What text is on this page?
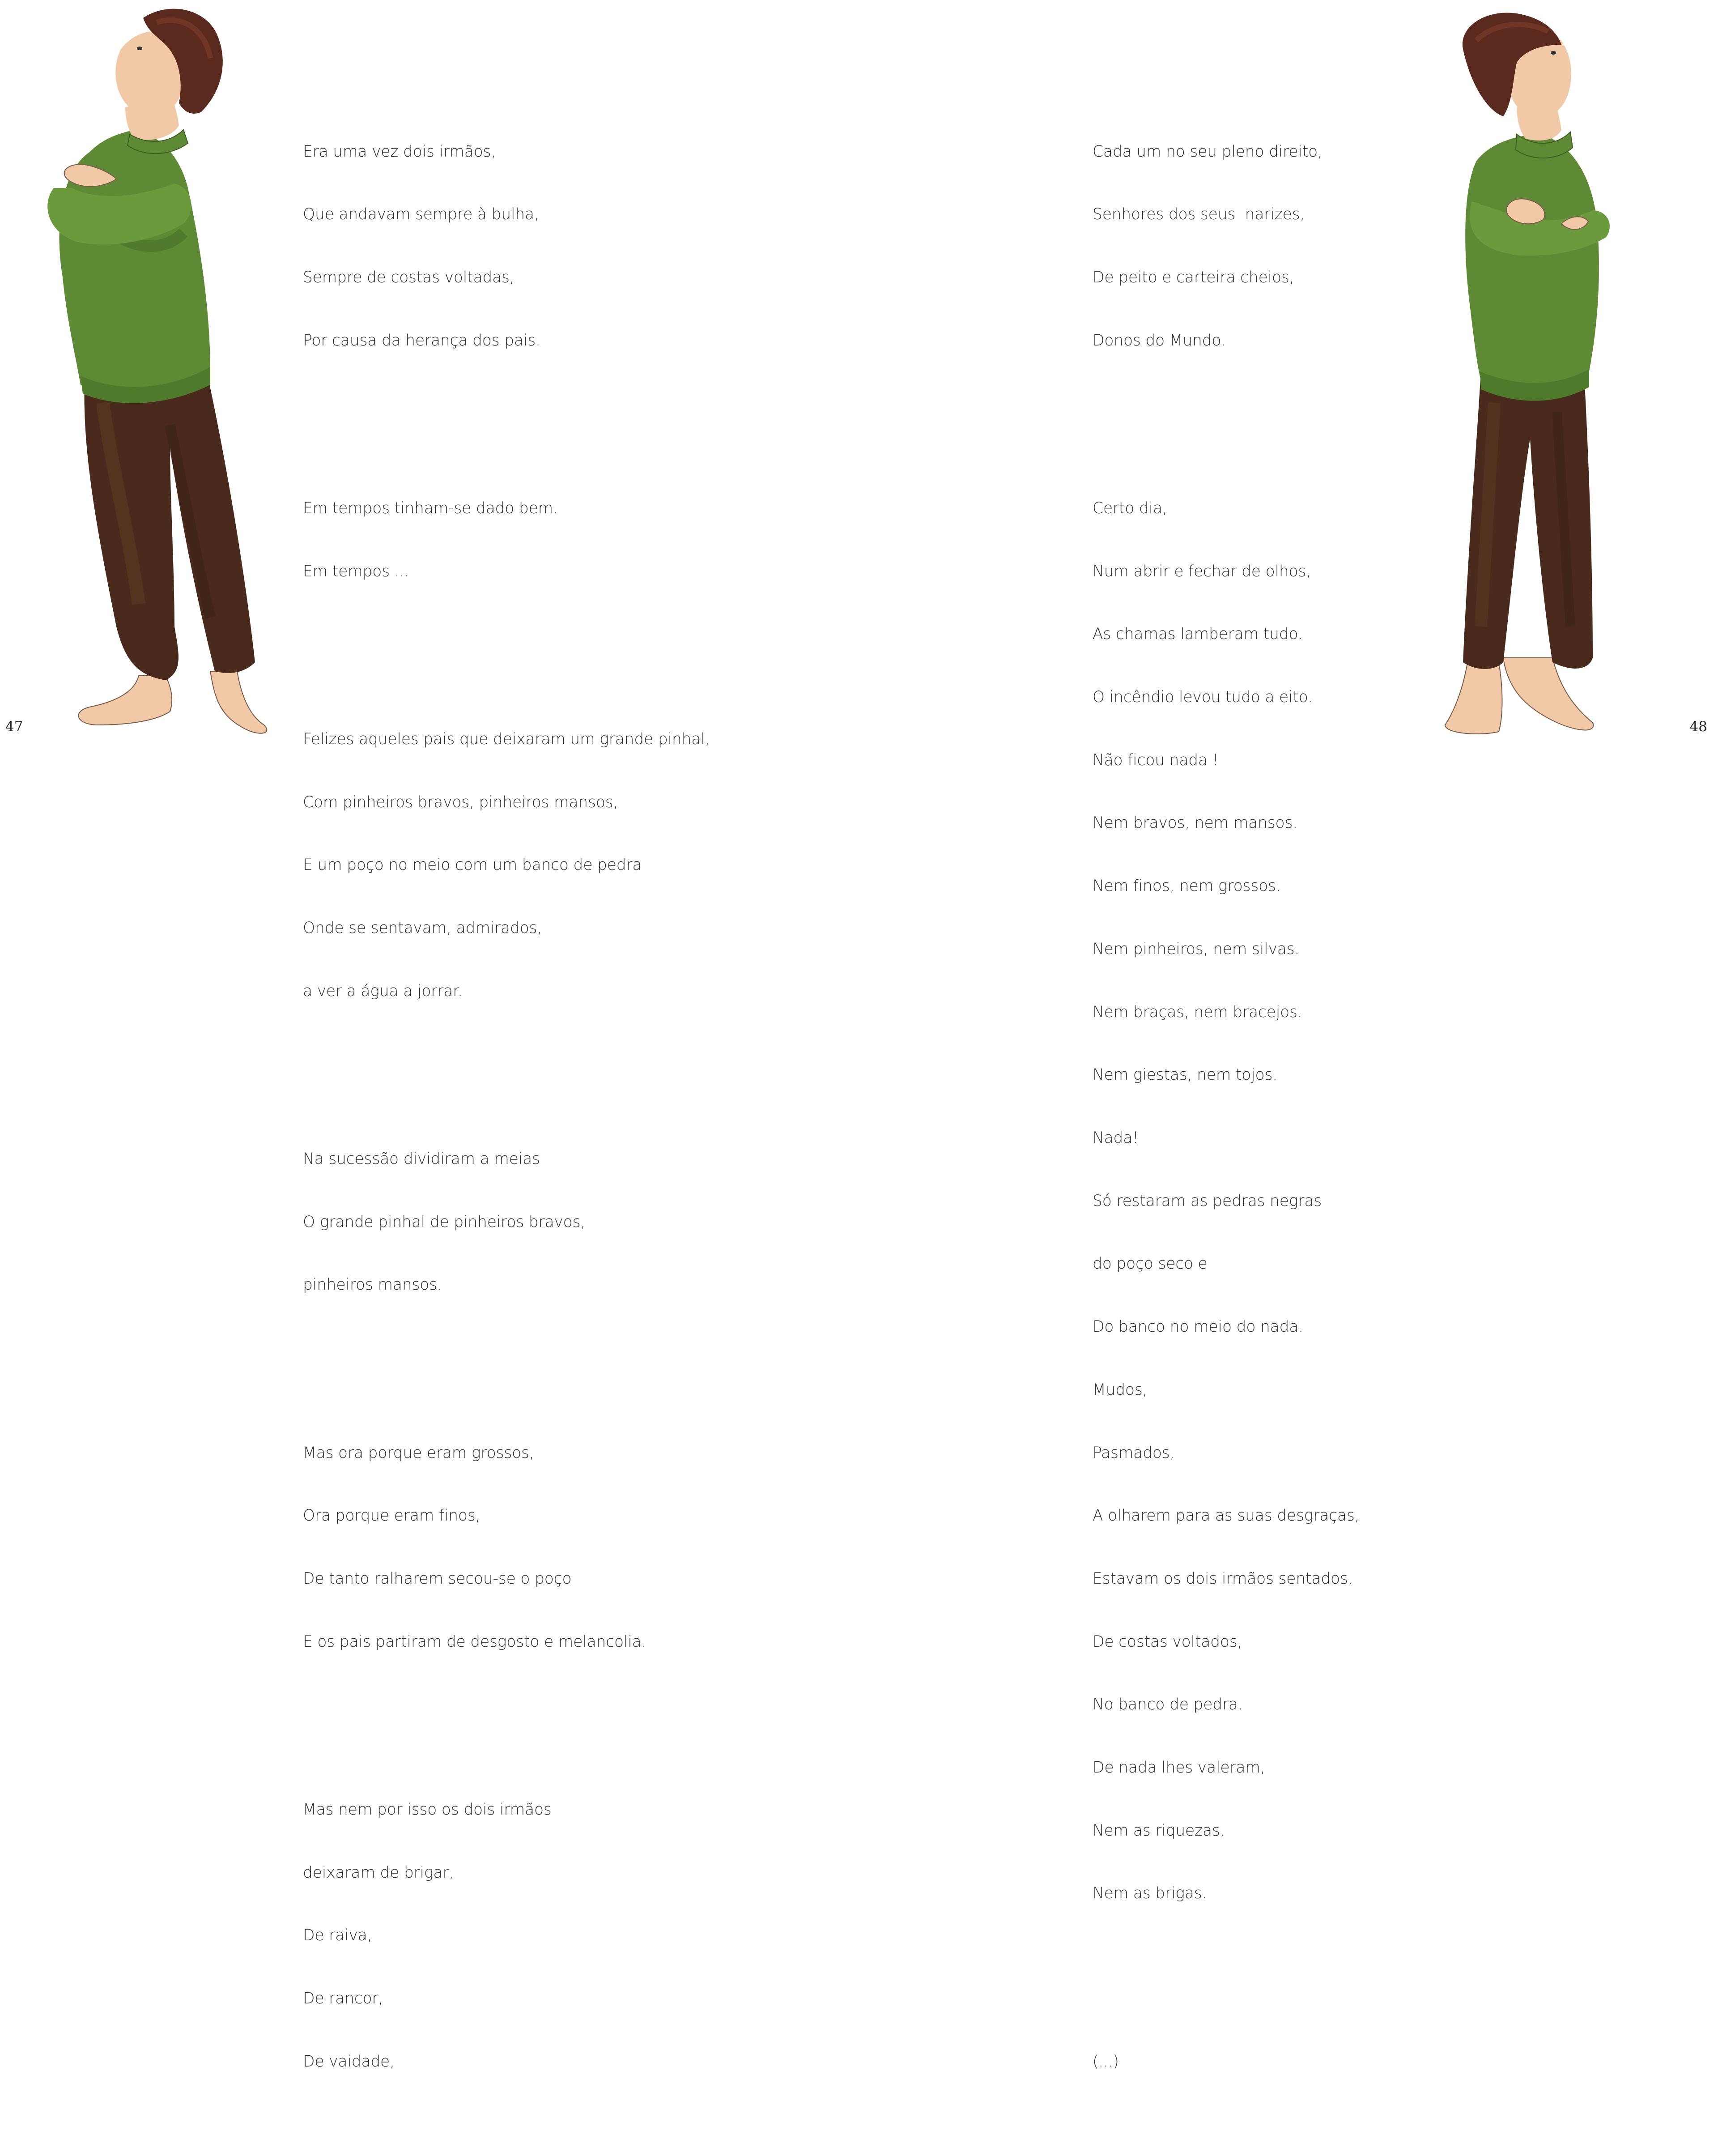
Era uma vez dois irmãos,

Que andavam sempre à bulha,

Sempre de costas voltadas,

Por causa da herança dos pais.

Em tempos tinham-se dado bem.

Em tempos ...

Felizes aqueles pais que deixaram um grande pinhal,

Com pinheiros bravos, pinheiros mansos,

E um poço no meio com um banco de pedra

Onde se sentavam, admirados,

a ver a água a jorrar.

Na sucessão dividiram a meias

O grande pinhal de pinheiros bravos,

pinheiros mansos.

Mas ora porque eram grossos,

Ora porque eram finos,

De tanto ralharem secou-se o poço

E os pais partiram de desgosto e melancolia.

Mas nem por isso os dois irmãos

deixaram de brigar,

De raiva,

De rancor,

De vaidade,

47

Cada um no seu pleno direito,

Senhores dos seus  narizes,

De peito e carteira cheios,

Donos do Mundo.

Certo dia,

Num abrir e fechar de olhos,

As chamas lamberam tudo.

O incêndio levou tudo a eito.

Não ficou nada !

Nem bravos, nem mansos.

Nem finos, nem grossos.

Nem pinheiros, nem silvas.

Nem braças, nem bracejos.

Nem giestas, nem tojos.

Nada!

Só restaram as pedras negras

do poço seco e

Do banco no meio do nada.

Mudos,

Pasmados,

A olharem para as suas desgraças,

Estavam os dois irmãos sentados,

De costas voltados,

No banco de pedra.

De nada lhes valeram,

Nem as riquezas,

Nem as brigas.

(...)

48
